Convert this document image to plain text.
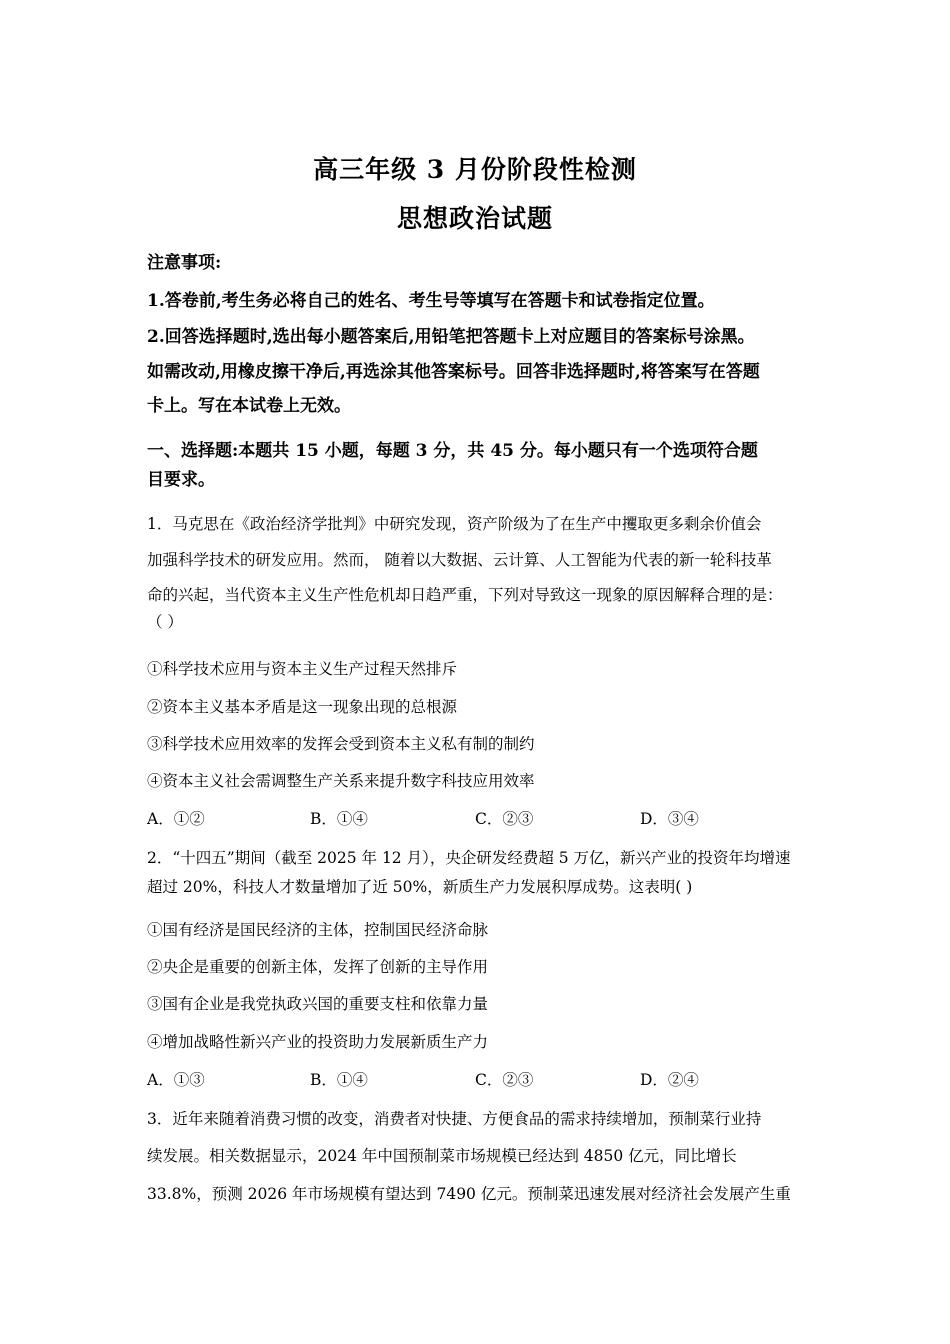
高三年级 3 月份阶段性检测
思想政治试题
注意事项:
1.答卷前,考生务必将自己的姓名、考生号等填写在答题卡和试卷指定位置。
2.回答选择题时,选出每小题答案后,用铅笔把答题卡上对应题目的答案标号涂黑。
如需改动,用橡皮擦干净后,再选涂其他答案标号。回答非选择题时,将答案写在答题
卡上。写在本试卷上无效。
一、选择题:本题共 15 小题，每题 3 分，共 45 分。每小题只有一个选项符合题
目要求。
1．马克思在《政治经济学批判》中研究发现，资产阶级为了在生产中攫取更多剩余价值会
加强科学技术的研发应用。然而， 随着以大数据、云计算、人工智能为代表的新一轮科技革
命的兴起，当代资本主义生产性危机却日趋严重，下列对导致这一现象的原因解释合理的是：
（ ）
①科学技术应用与资本主义生产过程天然排斥
②资本主义基本矛盾是这一现象出现的总根源
③科学技术应用效率的发挥会受到资本主义私有制的制约
④资本主义社会需调整生产关系来提升数字科技应用效率
A．①②	B．①④	C．②③	D．③④
2．“十四五”期间（截至 2025 年 12 月），央企研发经费超 5 万亿，新兴产业的投资年均增速
超过 20%，科技人才数量增加了近 50%，新质生产力发展积厚成势。这表明( )
①国有经济是国民经济的主体，控制国民经济命脉
②央企是重要的创新主体，发挥了创新的主导作用
③国有企业是我党执政兴国的重要支柱和依靠力量
④增加战略性新兴产业的投资助力发展新质生产力
A．①③	B．①④	C．②③	D．②④
3．近年来随着消费习惯的改变，消费者对快捷、方便食品的需求持续增加，预制菜行业持
续发展。相关数据显示，2024 年中国预制菜市场规模已经达到 4850 亿元，同比增长
33.8%，预测 2026 年市场规模有望达到 7490 亿元。预制菜迅速发展对经济社会发展产生重
